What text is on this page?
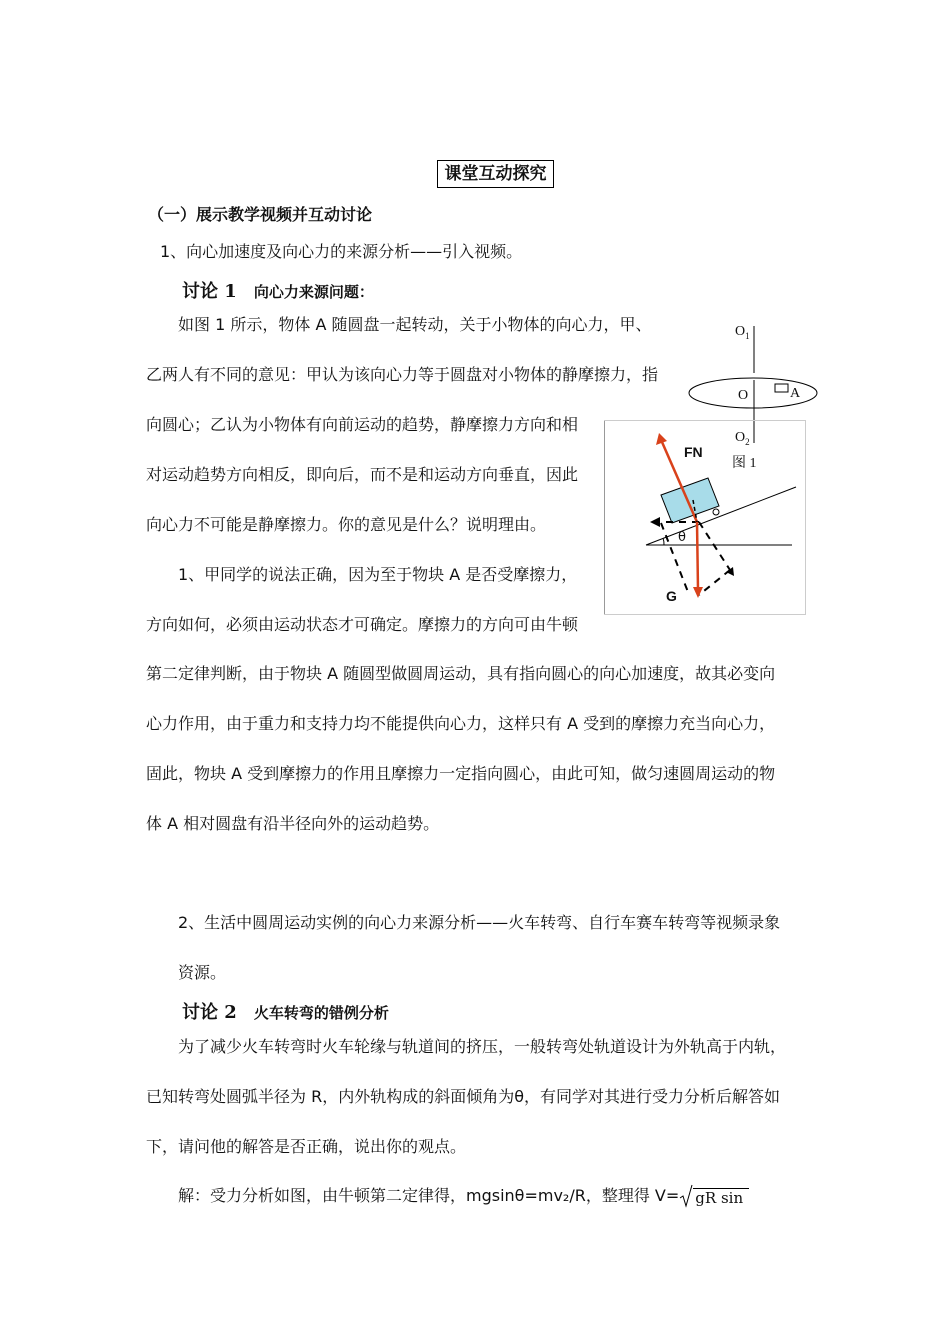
课堂互动探究
（一）展示教学视频并互动讨论
1、向心加速度及向心力的来源分析——引入视频。
讨论 1 向心力来源问题：
如图 1 所示，物体 A 随圆盘一起转动，关于小物体的向心力，甲、
乙两人有不同的意见：甲认为该向心力等于圆盘对小物体的静摩擦力，指
向圆心；乙认为小物体有向前运动的趋势，静摩擦力方向和相
对运动趋势方向相反，即向后，而不是和运动方向垂直，因此
向心力不可能是静摩擦力。你的意见是什么？说明理由。
1、甲同学的说法正确，因为至于物块 A 是否受摩擦力，
方向如何，必须由运动状态才可确定。摩擦力的方向可由牛顿
第二定律判断，由于物块 A 随圆型做圆周运动，具有指向圆心的向心加速度，故其必变向
心力作用，由于重力和支持力均不能提供向心力，这样只有 A 受到的摩擦力充当向心力，
固此，物块 A 受到摩擦力的作用且摩擦力一定指向圆心，由此可知，做匀速圆周运动的物
体 A 相对圆盘有沿半径向外的运动趋势。
2、生活中圆周运动实例的向心力来源分析——火车转弯、自行车赛车转弯等视频录象
资源。
讨论 2 火车转弯的错例分析
为了减少火车转弯时火车轮缘与轨道间的挤压，一般转弯处轨道设计为外轨高于内轨，
已知转弯处圆弧半径为 R，内外轨构成的斜面倾角为θ，有同学对其进行受力分析后解答如
下，请问他的解答是否正确，说出你的观点。
解：受力分析如图，由牛顿第二定律得，mgsinθ=mv₂/R，整理得 V= gR sin
$O_1$
O	A
$O_2$
图 1
FN
θ
G
